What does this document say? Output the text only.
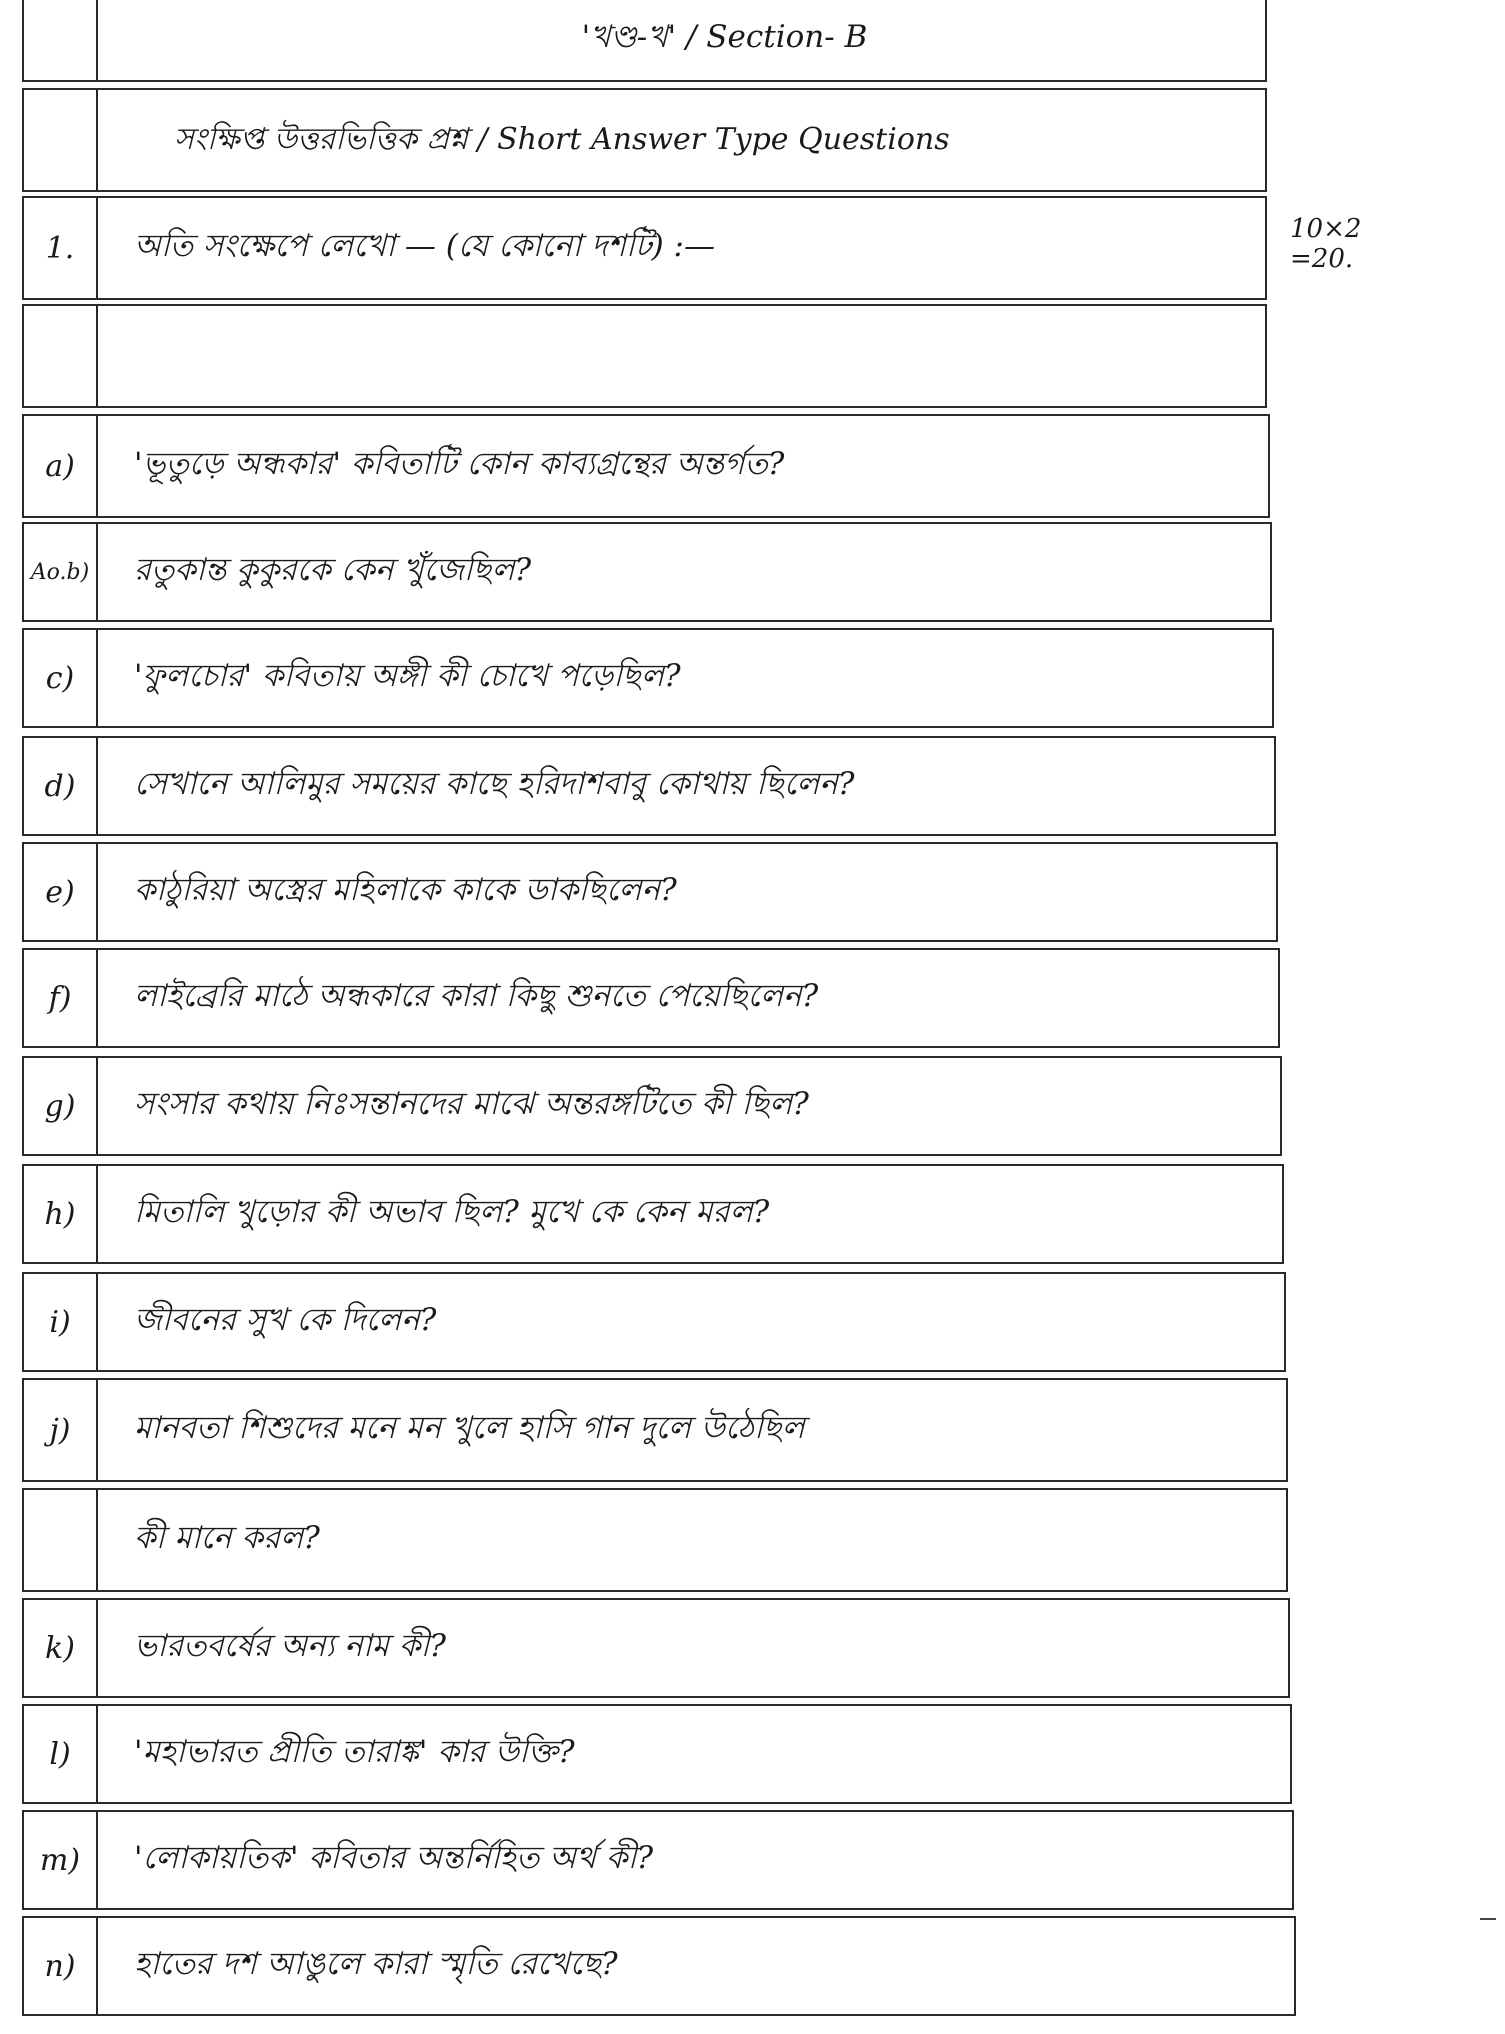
'খণ্ড-খ' / Section- B
সংক্ষিপ্ত উত্তরভিত্তিক প্রশ্ন / Short Answer Type Questions
1.	অতি সংক্ষেপে লেখো — (যে কোনো দশটি) :—	10×2
=20.
a)	'ভূতুড়ে অন্ধকার' কবিতাটি কোন কাব্যগ্রন্থের অন্তর্গত?
Ao.b) রতুকান্ত কুকুরকে কেন খুঁজেছিল?
c)	'ফুলচোর' কবিতায় অঙ্গী কী চোখে পড়েছিল?
d)	সেখানে আলিমুর সময়ের কাছে হরিদাশবাবু কোথায় ছিলেন?
e)	কাঠুরিয়া অস্ত্রের মহিলাকে কাকে ডাকছিলেন?
f)	লাইব্রেরি মাঠে অন্ধকারে কারা কিছু শুনতে পেয়েছিলেন?
g)	সংসার কথায় নিঃসন্তানদের মাঝে অন্তরঙ্গটিতে কী ছিল?
h)	মিতালি খুড়োর কী অভাব ছিল? মুখে কে কেন মরল?
i)	জীবনের সুখ কে দিলেন?
j)	মানবতা শিশুদের মনে মন খুলে হাসি গান দুলে উঠেছিল
কী মানে করল?
k)	ভারতবর্ষের অন্য নাম কী?
l)	'মহাভারত প্রীতি তারাঙ্ক' কার উক্তি?
m)	'লোকায়তিক' কবিতার অন্তর্নিহিত অর্থ কী?
n)	হাতের দশ আঙুলে কারা স্মৃতি রেখেছে?
